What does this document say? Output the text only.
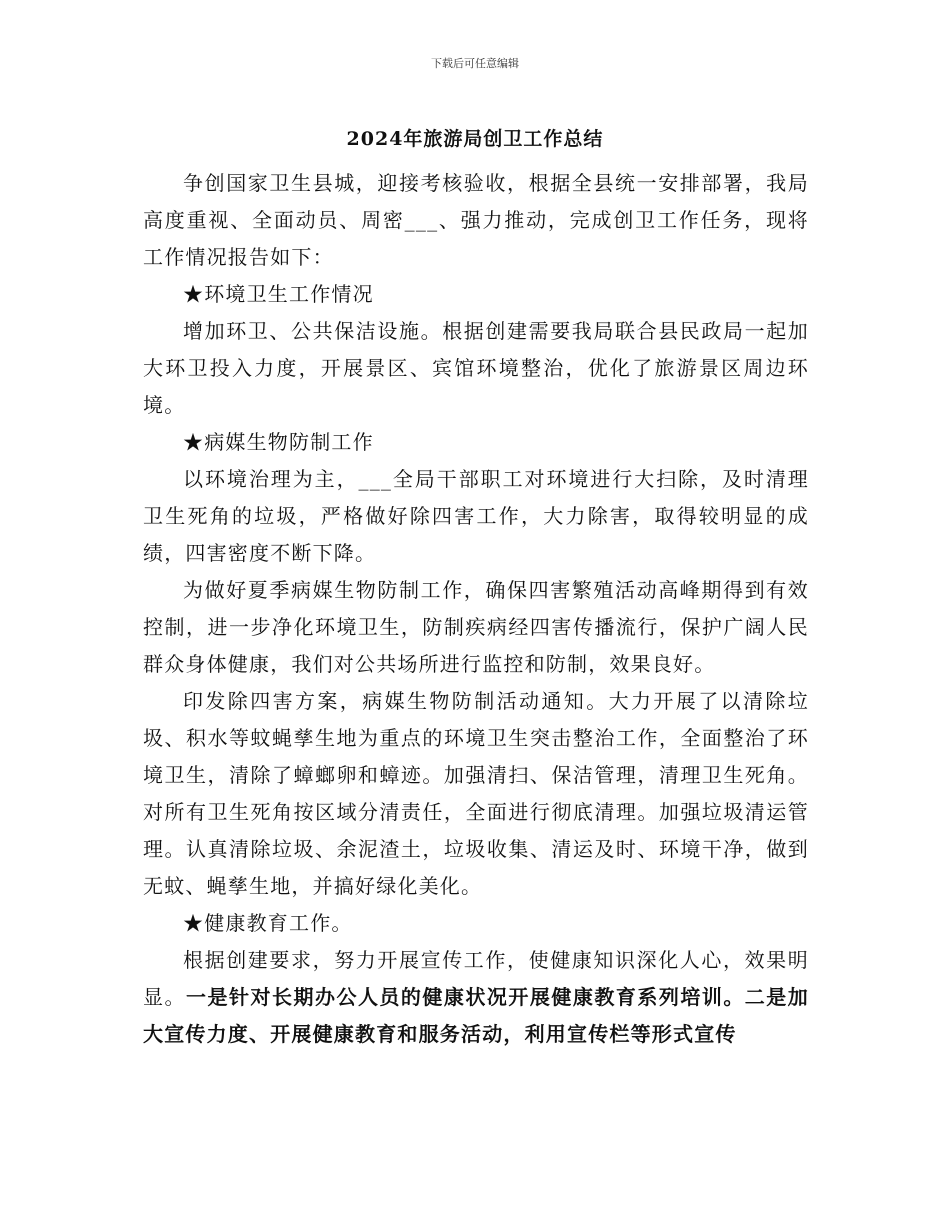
下载后可任意编辑
2024年旅游局创卫工作总结

争创国家卫生县城，迎接考核验收，根据全县统一安排部署，我局高度重视、全面动员、周密___、强力推动，完成创卫工作任务，现将工作情况报告如下：

★环境卫生工作情况

增加环卫、公共保洁设施。根据创建需要我局联合县民政局一起加大环卫投入力度，开展景区、宾馆环境整治，优化了旅游景区周边环境。

★病媒生物防制工作

以环境治理为主，___全局干部职工对环境进行大扫除，及时清理卫生死角的垃圾，严格做好除四害工作，大力除害，取得较明显的成绩，四害密度不断下降。

为做好夏季病媒生物防制工作，确保四害繁殖活动高峰期得到有效控制，进一步净化环境卫生，防制疾病经四害传播流行，保护广阔人民群众身体健康，我们对公共场所进行监控和防制，效果良好。

印发除四害方案，病媒生物防制活动通知。大力开展了以清除垃圾、积水等蚊蝇孳生地为重点的环境卫生突击整治工作，全面整治了环境卫生，清除了蟑螂卵和蟑迹。加强清扫、保洁管理，清理卫生死角。对所有卫生死角按区域分清责任，全面进行彻底清理。加强垃圾清运管理。认真清除垃圾、余泥渣土，垃圾收集、清运及时、环境干净，做到无蚊、蝇孳生地，并搞好绿化美化。

★健康教育工作。

根据创建要求，努力开展宣传工作，使健康知识深化人心，效果明显。一是针对长期办公人员的健康状况开展健康教育系列培训。二是加大宣传力度、开展健康教育和服务活动，利用宣传栏等形式宣传
